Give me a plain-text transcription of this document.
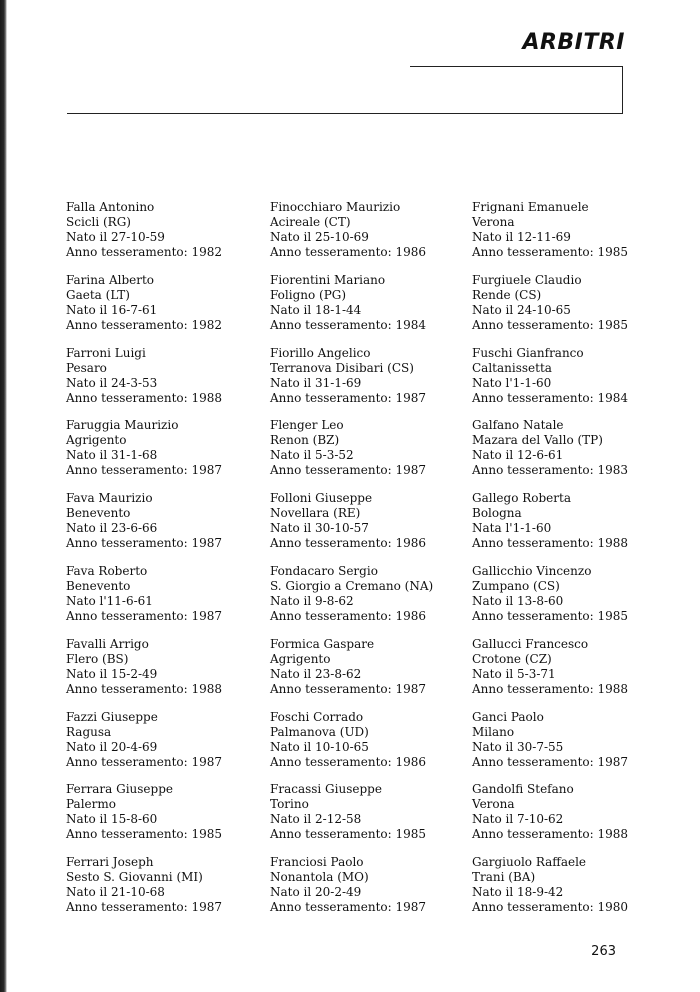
ARBITRI
Falla Antonino
Scicli (RG)
Nato il 27-10-59
Anno tesseramento: 1982
Farina Alberto
Gaeta (LT)
Nato il 16-7-61
Anno tesseramento: 1982
Farroni Luigi
Pesaro
Nato il 24-3-53
Anno tesseramento: 1988
Faruggia Maurizio
Agrigento
Nato il 31-1-68
Anno tesseramento: 1987
Fava Maurizio
Benevento
Nato il 23-6-66
Anno tesseramento: 1987
Fava Roberto
Benevento
Nato l'11-6-61
Anno tesseramento: 1987
Favalli Arrigo
Flero (BS)
Nato il 15-2-49
Anno tesseramento: 1988
Fazzi Giuseppe
Ragusa
Nato il 20-4-69
Anno tesseramento: 1987
Ferrara Giuseppe
Palermo
Nato il 15-8-60
Anno tesseramento: 1985
Ferrari Joseph
Sesto S. Giovanni (MI)
Nato il 21-10-68
Anno tesseramento: 1987
Finocchiaro Maurizio
Acireale (CT)
Nato il 25-10-69
Anno tesseramento: 1986
Fiorentini Mariano
Foligno (PG)
Nato il 18-1-44
Anno tesseramento: 1984
Fiorillo Angelico
Terranova Disibari (CS)
Nato il 31-1-69
Anno tesseramento: 1987
Flenger Leo
Renon (BZ)
Nato il 5-3-52
Anno tesseramento: 1987
Folloni Giuseppe
Novellara (RE)
Nato il 30-10-57
Anno tesseramento: 1986
Fondacaro Sergio
S. Giorgio a Cremano (NA)
Nato il 9-8-62
Anno tesseramento: 1986
Formica Gaspare
Agrigento
Nato il 23-8-62
Anno tesseramento: 1987
Foschi Corrado
Palmanova (UD)
Nato il 10-10-65
Anno tesseramento: 1986
Fracassi Giuseppe
Torino
Nato il 2-12-58
Anno tesseramento: 1985
Franciosi Paolo
Nonantola (MO)
Nato il 20-2-49
Anno tesseramento: 1987
Frignani Emanuele
Verona
Nato il 12-11-69
Anno tesseramento: 1985
Furgiuele Claudio
Rende (CS)
Nato il 24-10-65
Anno tesseramento: 1985
Fuschi Gianfranco
Caltanissetta
Nato l'1-1-60
Anno tesseramento: 1984
Galfano Natale
Mazara del Vallo (TP)
Nato il 12-6-61
Anno tesseramento: 1983
Gallego Roberta
Bologna
Nata l'1-1-60
Anno tesseramento: 1988
Gallicchio Vincenzo
Zumpano (CS)
Nato il 13-8-60
Anno tesseramento: 1985
Gallucci Francesco
Crotone (CZ)
Nato il 5-3-71
Anno tesseramento: 1988
Ganci Paolo
Milano
Nato il 30-7-55
Anno tesseramento: 1987
Gandolfi Stefano
Verona
Nato il 7-10-62
Anno tesseramento: 1988
Gargiuolo Raffaele
Trani (BA)
Nato il 18-9-42
Anno tesseramento: 1980
263
